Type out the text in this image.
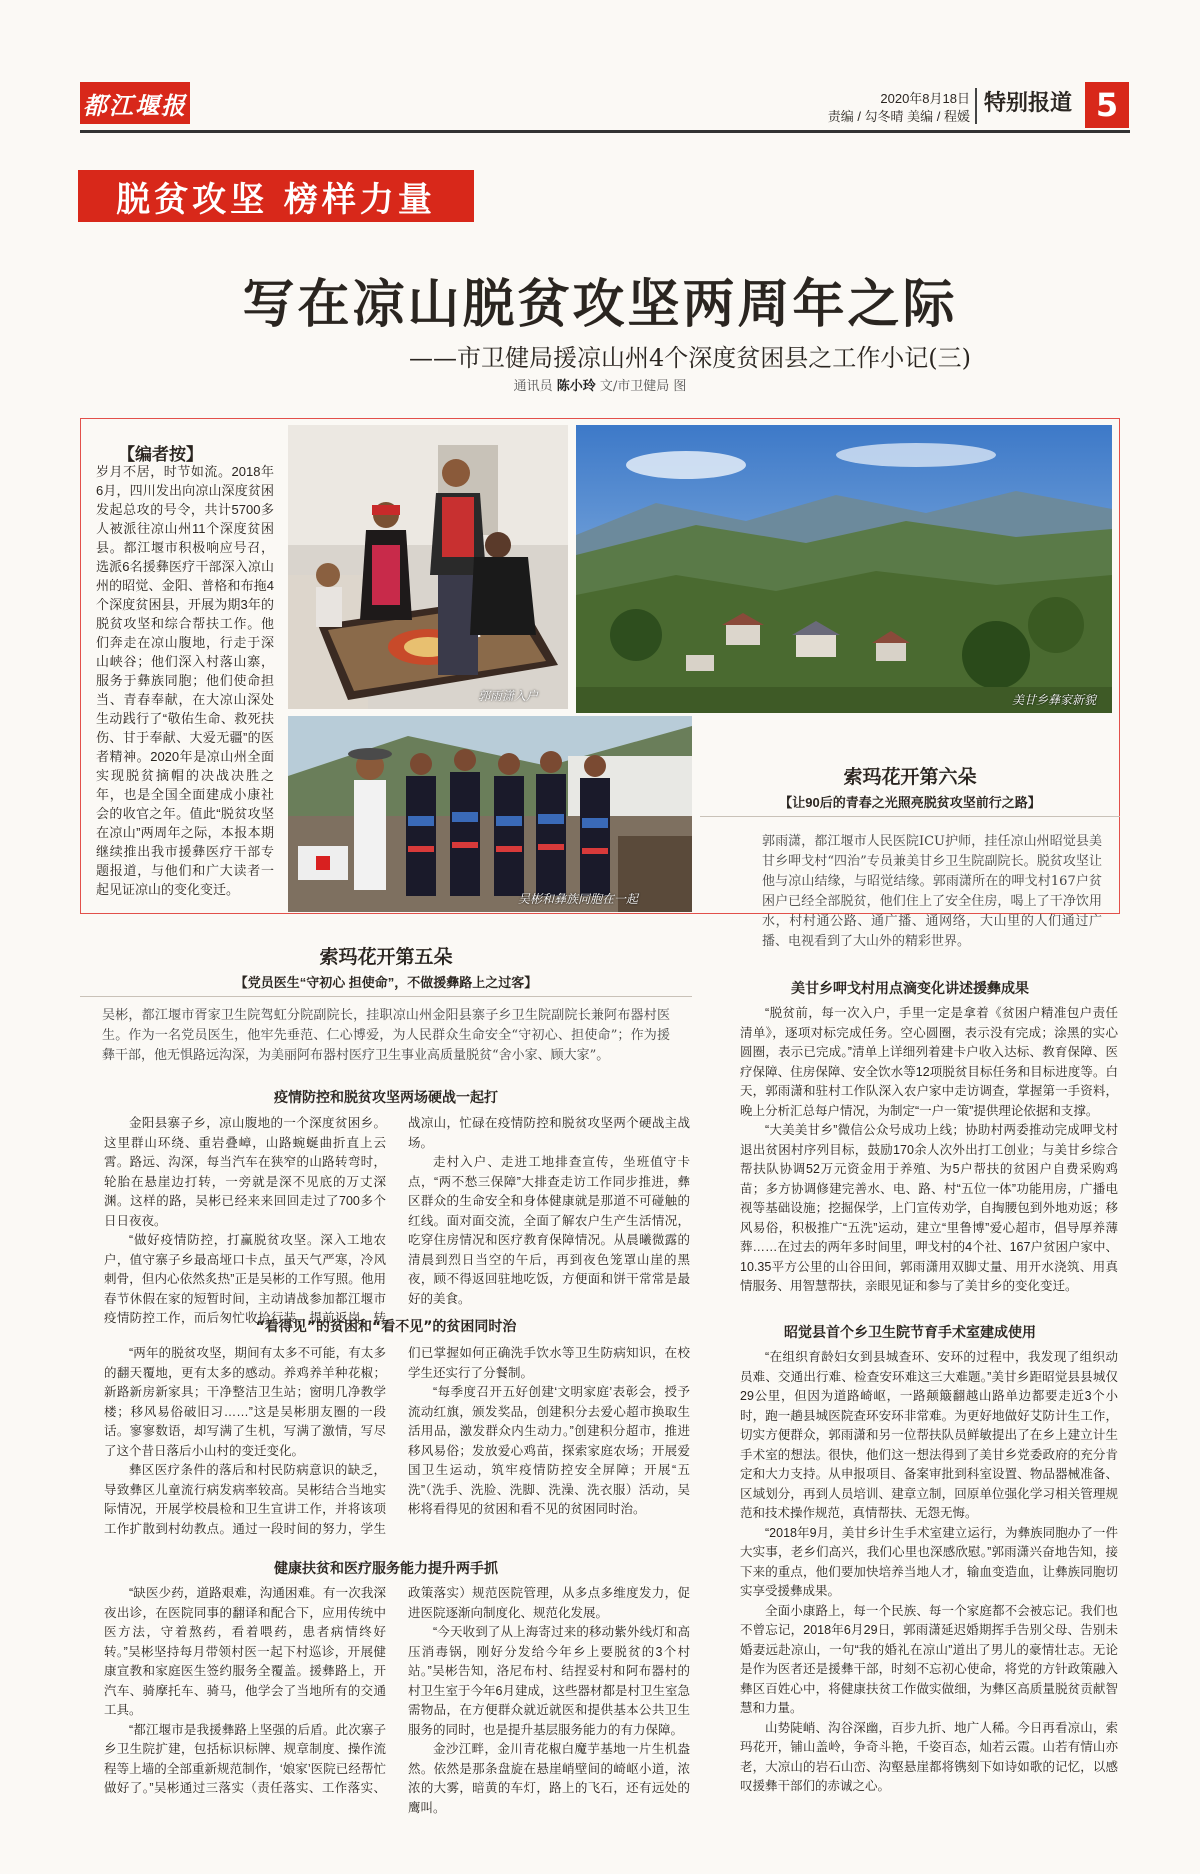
都江堰报	2020年8月18日
责编 / 勾冬晴 美编 / 程媛
特别报道 5
脱贫攻坚 榜样力量
写在凉山脱贫攻坚两周年之际
——市卫健局援凉山州4个深度贫困县之工作小记(三)
通讯员 陈小玲 文/市卫健局 图
【编者按】
岁月不居，时节如流。2018年6月，四川发出向凉山深度贫困发起总攻的号令，共计5700多人被派往凉山州11个深度贫困县。都江堰市积极响应号召，选派6名援彝医疗干部深入凉山州的昭觉、金阳、普格和布拖4个深度贫困县，开展为期3年的脱贫攻坚和综合帮扶工作。他们奔走在凉山腹地，行走于深山峡谷；他们深入村落山寨，服务于彝族同胞；他们使命担当、青春奉献，在大凉山深处生动践行了“敬佑生命、救死扶伤、甘于奉献、大爱无疆”的医者精神。2020年是凉山州全面实现脱贫摘帽的决战决胜之年，也是全国全面建成小康社会的收官之年。值此“脱贫攻坚在凉山”两周年之际，本报本期继续推出我市援彝医疗干部专题报道，与他们和广大读者一起见证凉山的变化变迁。
郭雨潇入户	美甘乡彝家新貌
吴彬和彝族同胞在一起
索玛花开第五朵
【党员医生“守初心 担使命”，不做援彝路上之过客】
吴彬，都江堰市胥家卫生院驾虹分院副院长，挂职凉山州金阳县寨子乡卫生院副院长兼阿布器村医生。作为一名党员医生，他牢先垂范、仁心博爱，为人民群众生命安全“守初心、担使命”；作为援彝干部，他无惧路远沟深，为美丽阿布器村医疗卫生事业高质量脱贫“舍小家、顾大家”。
疫情防控和脱贫攻坚两场硬战一起打

金阳县寨子乡，凉山腹地的一个深度贫困乡。这里群山环绕、重岩叠嶂，山路蜿蜒曲折直上云霄。路远、沟深，每当汽车在狭窄的山路转弯时，轮胎在悬崖边打转，一旁就是深不见底的万丈深渊。这样的路，吴彬已经来来回回走过了700多个日日夜夜。

“做好疫情防控，打赢脱贫攻坚。深入工地农户，值守寨子乡最高垭口卡点，虽天气严寒，冷风刺骨，但内心依然炙热”正是吴彬的工作写照。他用春节休假在家的短暂时间，主动请战参加都江堰市疫情防控工作，而后匆忙收拾行装，提前返岗，转战凉山，忙碌在疫情防控和脱贫攻坚两个硬战主战场。

走村入户、走进工地排查宣传，坐班值守卡点，“两不愁三保障”大排查走访工作同步推进，彝区群众的生命安全和身体健康就是那道不可碰触的红线。面对面交流，全面了解农户生产生活情况，吃穿住房情况和医疗教育保障情况。从晨曦微露的清晨到烈日当空的午后，再到夜色笼罩山崖的黑夜，顾不得返回驻地吃饭，方便面和饼干常常是最好的美食。

“看得见”的贫困和“看不见”的贫困同时治

“两年的脱贫攻坚，期间有太多不可能，有太多的翻天覆地，更有太多的感动。养鸡养羊种花椒；新路新房新家具；干净整洁卫生站；窗明几净教学楼；移风易俗破旧习……”这是吴彬朋友圈的一段话。寥寥数语，却写满了生机，写满了激情，写尽了这个昔日落后小山村的变迁变化。

彝区医疗条件的落后和村民防病意识的缺乏，导致彝区儿童流行病发病率较高。吴彬结合当地实际情况，开展学校晨检和卫生宣讲工作，并将该项工作扩散到村幼教点。通过一段时间的努力，学生们已掌握如何正确洗手饮水等卫生防病知识，在校学生还实行了分餐制。

“每季度召开五好创建‘文明家庭’表彰会，授予流动红旗，颁发奖品，创建积分去爱心超市换取生活用品，激发群众内生动力。”创建积分超市，推进移风易俗；发放爱心鸡苗，探索家庭农场；开展爱国卫生运动，筑牢疫情防控安全屏障；开展“五洗”（洗手、洗脸、洗脚、洗澡、洗衣服）活动，吴彬将看得见的贫困和看不见的贫困同时治。

健康扶贫和医疗服务能力提升两手抓

“缺医少药，道路艰难，沟通困难。有一次我深夜出诊，在医院同事的翻译和配合下，应用传统中医方法，守着熬药，看着喂药，患者病情终好转。”吴彬坚持每月带领村医一起下村巡诊，开展健康宣教和家庭医生签约服务全覆盖。援彝路上，开汽车、骑摩托车、骑马，他学会了当地所有的交通工具。

“都江堰市是我援彝路上坚强的后盾。此次寨子乡卫生院扩建，包括标识标牌、规章制度、操作流程等上墙的全部重新规范制作，‘娘家’医院已经帮忙做好了。”吴彬通过三落实（责任落实、工作落实、政策落实）规范医院管理，从多点多维度发力，促进医院逐渐向制度化、规范化发展。

“今天收到了从上海寄过来的移动紫外线灯和高压消毒锅，刚好分发给今年乡上要脱贫的3个村站。”吴彬告知，洛尼布村、结捏妥村和阿布器村的村卫生室于今年6月建成，这些器材都是村卫生室急需物品，在方便群众就近就医和提供基本公共卫生服务的同时，也是提升基层服务能力的有力保障。

金沙江畔，金川青花椒白魔芋基地一片生机盎然。依然是那条盘旋在悬崖峭壁间的崎岖小道，浓浓的大雾，暗黄的车灯，路上的飞石，还有远处的鹰叫。

索玛花开第六朵
【让90后的青春之光照亮脱贫攻坚前行之路】
郭雨潇，都江堰市人民医院ICU护师，挂任凉山州昭觉县美甘乡呷戈村“四治”专员兼美甘乡卫生院副院长。脱贫攻坚让他与凉山结缘，与昭觉结缘。郭雨潇所在的呷戈村167户贫困户已经全部脱贫，他们住上了安全住房，喝上了干净饮用水，村村通公路、通广播、通网络，大山里的人们通过广播、电视看到了大山外的精彩世界。
美甘乡呷戈村用点滴变化讲述援彝成果

“脱贫前，每一次入户，手里一定是拿着《贫困户精准包户责任清单》，逐项对标完成任务。空心圆圈，表示没有完成；涂黑的实心圆圈，表示已完成。”清单上详细列着建卡户收入达标、教育保障、医疗保障、住房保障、安全饮水等12项脱贫目标任务和目标进度等。白天，郭雨潇和驻村工作队深入农户家中走访调查，掌握第一手资料，晚上分析汇总每户情况，为制定“一户一策”提供理论依据和支撑。

“大美美甘乡”微信公众号成功上线；协助村两委推动完成呷戈村退出贫困村序列目标，鼓励170余人次外出打工创业；与美甘乡综合帮扶队协调52万元资金用于养殖、为5户帮扶的贫困户自费采购鸡苗；多方协调修建完善水、电、路、村“五位一体”功能用房，广播电视等基础设施；挖掘保学，上门宣传劝学，自掏腰包到外地劝返；移风易俗，积极推广“五洗”运动，建立“里鲁博”爱心超市，倡导厚养薄葬……在过去的两年多时间里，呷戈村的4个社、167户贫困户家中、10.35平方公里的山谷田间，郭雨潇用双脚丈量、用开水浇筑、用真情服务、用智慧帮扶，亲眼见证和参与了美甘乡的变化变迁。

昭觉县首个乡卫生院节育手术室建成使用

“在组织育龄妇女到县城查环、安环的过程中，我发现了组织动员难、交通出行难、检查安环难这三大难题。”美甘乡距昭觉县县城仅29公里，但因为道路崎岖，一路颠簸翻越山路单边都要走近3个小时，跑一趟县城医院查环安环非常难。为更好地做好艾防计生工作，切实方便群众，郭雨潇和另一位帮扶队员鲜敏提出了在乡上建立计生手术室的想法。很快，他们这一想法得到了美甘乡党委政府的充分肯定和大力支持。从申报项目、备案审批到科室设置、物品器械准备、区域划分，再到人员培训、建章立制，回原单位强化学习相关管理规范和技术操作规范，真情帮扶、无怨无悔。

“2018年9月，美甘乡计生手术室建立运行，为彝族同胞办了一件大实事，老乡们高兴，我们心里也深感欣慰。”郭雨潇兴奋地告知，接下来的重点，他们要加快培养当地人才，输血变造血，让彝族同胞切实享受援彝成果。

全面小康路上，每一个民族、每一个家庭都不会被忘记。我们也不曾忘记，2018年6月29日，郭雨潇延迟婚期挥手告别父母、告别未婚妻远赴凉山，一句“我的婚礼在凉山”道出了男儿的豪情壮志。无论是作为医者还是援彝干部，时刻不忘初心使命，将党的方针政策融入彝区百姓心中，将健康扶贫工作做实做细，为彝区高质量脱贫贡献智慧和力量。

山势陡峭、沟谷深幽，百步九折、地广人稀。今日再看凉山，索玛花开，铺山盖岭，争奇斗艳，千姿百态，灿若云霞。山若有情山亦老，大凉山的岩石山峦、沟壑悬崖都将镌刻下如诗如歌的记忆，以感叹援彝干部们的赤诚之心。
